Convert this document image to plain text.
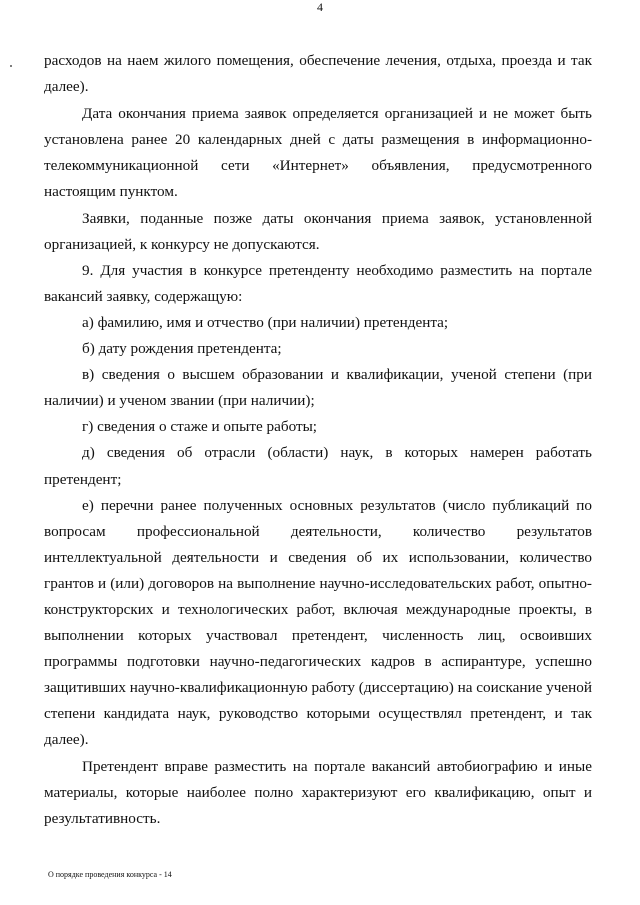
4

расходов на наем жилого помещения, обеспечение лечения, отдыха, проезда и так далее).

Дата окончания приема заявок определяется организацией и не может быть установлена ранее 20 календарных дней с даты размещения в информационно-телекоммуникационной сети «Интернет» объявления, предусмотренного настоящим пунктом.

Заявки, поданные позже даты окончания приема заявок, установленной организацией, к конкурсу не допускаются.

9. Для участия в конкурсе претенденту необходимо разместить на портале вакансий заявку, содержащую:

а) фамилию, имя и отчество (при наличии) претендента;

б) дату рождения претендента;

в) сведения о высшем образовании и квалификации, ученой степени (при наличии) и ученом звании (при наличии);

г) сведения о стаже и опыте работы;

д) сведения об отрасли (области) наук, в которых намерен работать претендент;

е) перечни ранее полученных основных результатов (число публикаций по вопросам профессиональной деятельности, количество результатов интеллектуальной деятельности и сведения об их использовании, количество грантов и (или) договоров на выполнение научно-исследовательских работ, опытно-конструкторских и технологических работ, включая международные проекты, в выполнении которых участвовал претендент, численность лиц, освоивших программы подготовки научно-педагогических кадров в аспирантуре, успешно защитивших научно-квалификационную работу (диссертацию) на соискание ученой степени кандидата наук, руководство которыми осуществлял претендент, и так далее).

Претендент вправе разместить на портале вакансий автобиографию и иные материалы, которые наиболее полно характеризуют его квалификацию, опыт и результативность.

О порядке проведения конкурса - 14
